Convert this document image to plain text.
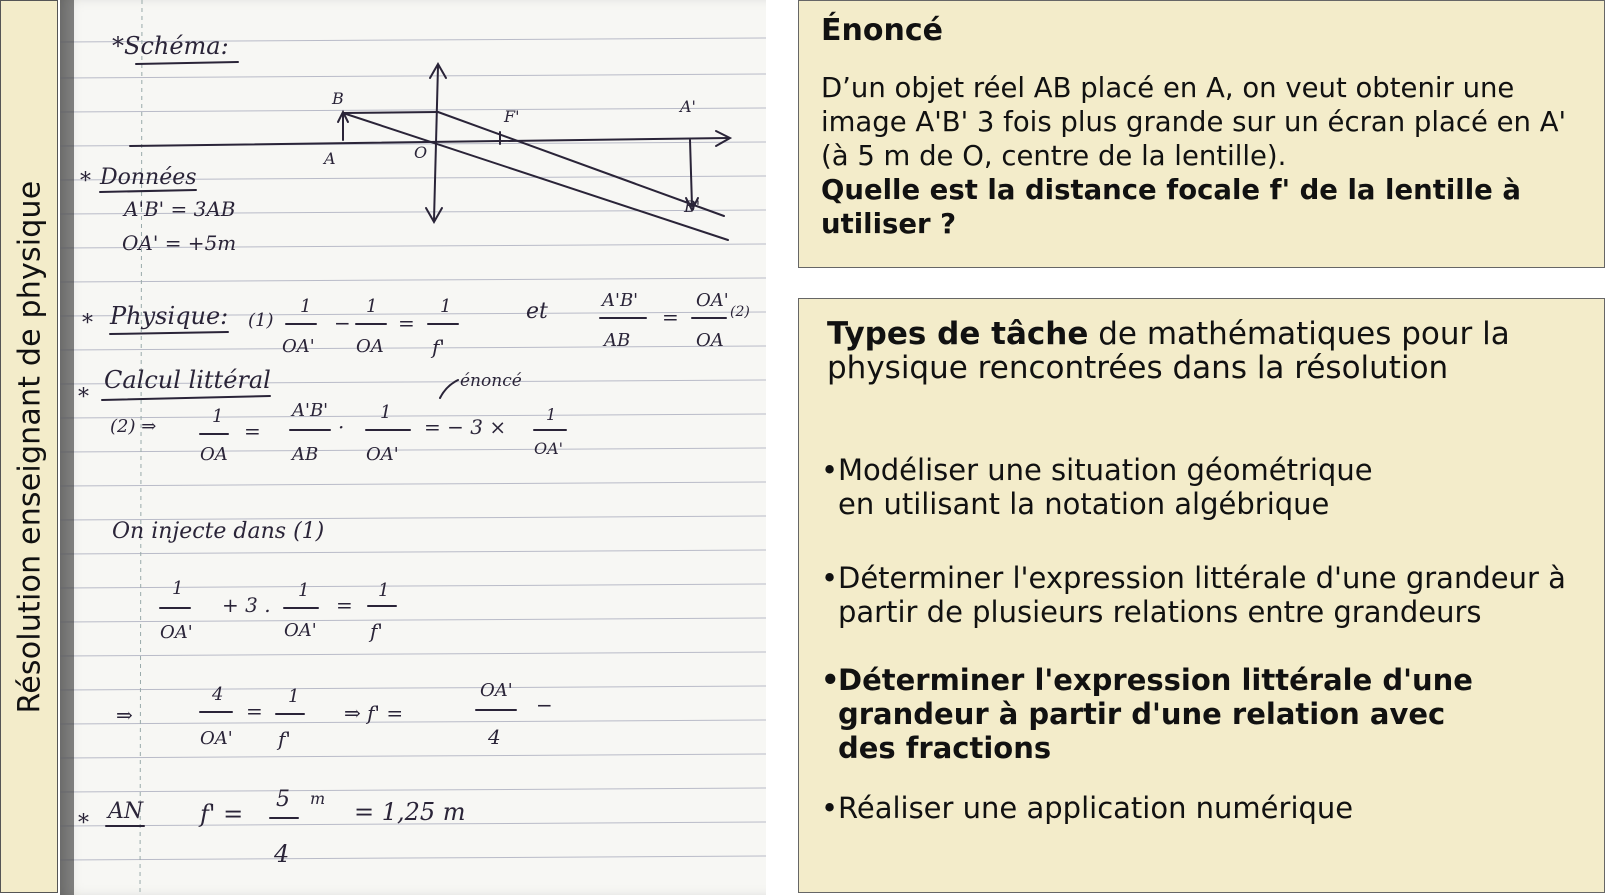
Résolution enseignant de physique
B
A	O
F'
A'
B'
*Schéma:
* Données
A'B' = 3AB
OA' = +5m
* Physique: (1)
1
OA'
−
1
OA
=
1
f'
et	A'B'
AB
=
OA'
OA
(2)
*
Calcul littéral	énoncé
(2) ⇒	1
OA
=
A'B'
AB
·
1
OA'
= − 3 ×
1
OA'
On injecte dans (1)
1
OA'
+ 3 .
1
OA'
=
1
f'
⇒
4
OA'
=
1
f'
⇒ f' =
OA'
4
−
* AN f' =
5 m
4
= 1,25 m
Énoncé
D’un objet réel AB placé en A, on veut obtenir une image A'B' 3 fois plus grande sur un écran placé en A' (à 5 m de O, centre de la lentille).
Quelle est la distance focale f' de la lentille à utiliser ?
Types de tâche de mathématiques pour la physique rencontrées dans la résolution
• Modéliser une situation géométrique en utilisant la notation algébrique
• Déterminer l'expression littérale d'une grandeur à partir de plusieurs relations entre grandeurs
•
Déterminer l'expression littérale d'une grandeur à partir d'une relation avec des fractions
• Réaliser une application numérique
